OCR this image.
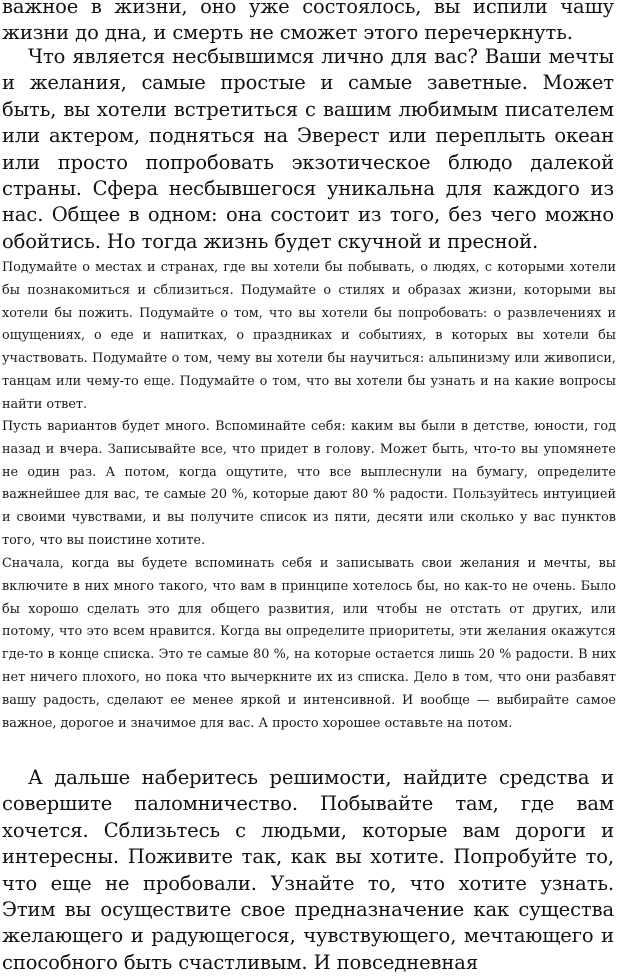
важное в жизни, оно уже состоялось, вы испили чашу жизни до дна, и смерть не сможет этого перечеркнуть.

Что является несбывшимся лично для вас? Ваши мечты и желания, самые простые и самые заветные. Может быть, вы хотели встретиться с вашим любимым писателем или актером, подняться на Эверест или переплыть океан или просто попробовать экзотическое блюдо далекой страны. Сфера несбывшегося уникальна для каждого из нас. Общее в одном: она состоит из того, без чего можно обойтись. Но тогда жизнь будет скучной и пресной.

Подумайте о местах и странах, где вы хотели бы побывать, о людях, с которыми хотели бы познакомиться и сблизиться. Подумайте о стилях и образах жизни, которыми вы хотели бы пожить. Подумайте о том, что вы хотели бы попробовать: о развлечениях и ощущениях, о еде и напитках, о праздниках и событиях, в которых вы хотели бы участвовать. Подумайте о том, чему вы хотели бы научиться: альпинизму или живописи, танцам или чему-то еще. Подумайте о том, что вы хотели бы узнать и на какие вопросы найти ответ.

Пусть вариантов будет много. Вспоминайте себя: каким вы были в детстве, юности, год назад и вчера. Записывайте все, что придет в голову. Может быть, что-то вы упомянете не один раз. А потом, когда ощутите, что все выплеснули на бумагу, определите важнейшее для вас, те самые 20 %, которые дают 80 % радости. Пользуйтесь интуицией и своими чувствами, и вы получите список из пяти, десяти или сколько у вас пунктов того, что вы поистине хотите.

Сначала, когда вы будете вспоминать себя и записывать свои желания и мечты, вы включите в них много такого, что вам в принципе хотелось бы, но как-то не очень. Было бы хорошо сделать это для общего развития, или чтобы не отстать от других, или потому, что это всем нравится. Когда вы определите приоритеты, эти желания окажутся где-то в конце списка. Это те самые 80 %, на которые остается лишь 20 % радости. В них нет ничего плохого, но пока что вычеркните их из списка. Дело в том, что они разбавят вашу радость, сделают ее менее яркой и интенсивной. И вообще — выбирайте самое важное, дорогое и значимое для вас. А просто хорошее оставьте на потом.

А дальше наберитесь решимости, найдите средства и совершите паломничество. Побывайте там, где вам хочется. Сблизьтесь с людьми, которые вам дороги и интересны. Поживите так, как вы хотите. Попробуйте то, что еще не пробовали. Узнайте то, что хотите узнать. Этим вы осуществите свое предназначение как существа желающего и радующегося, чувствующего, мечтающего и способного быть счастливым. И повседневная
